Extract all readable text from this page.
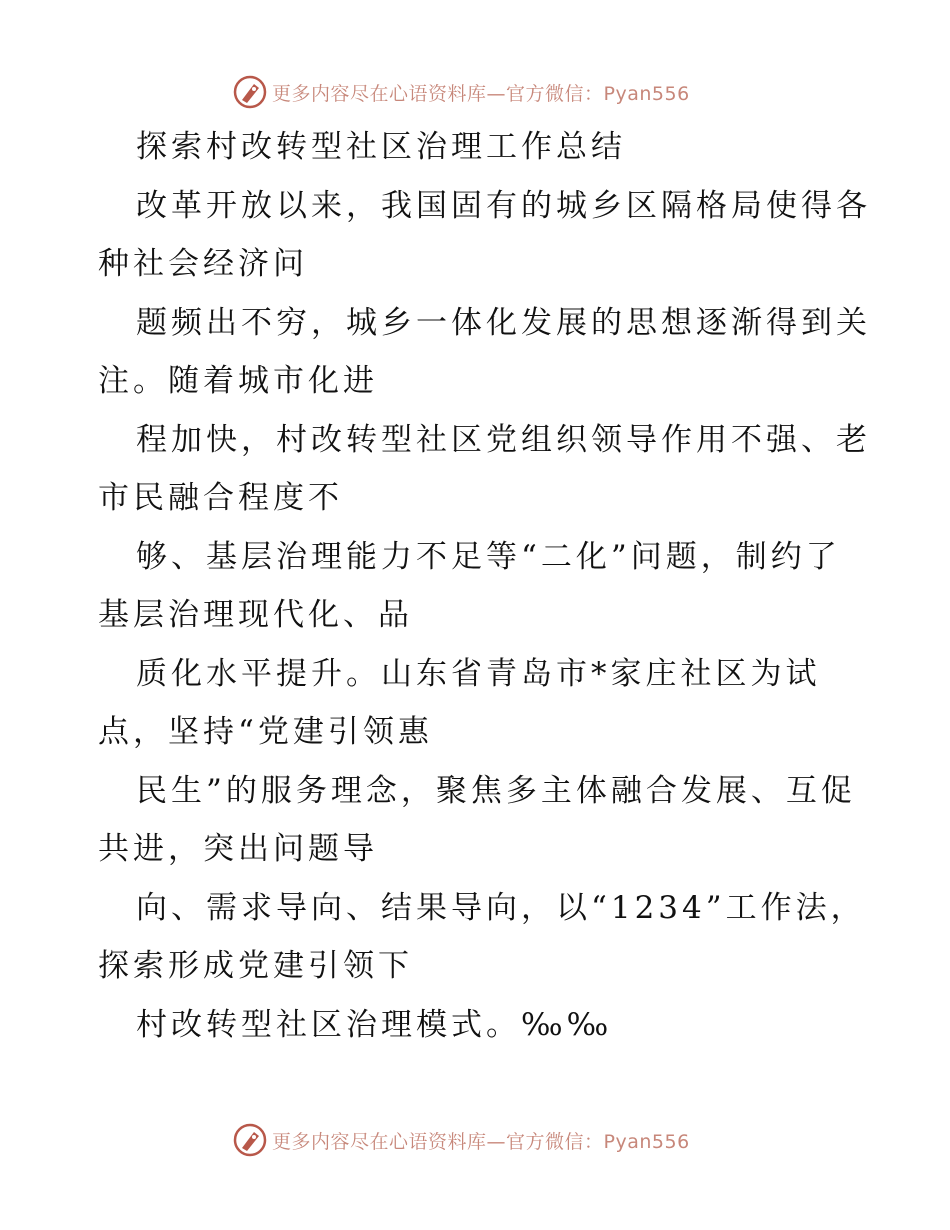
更多内容尽在心语资料库—官方微信：Pyan556
探索村改转型社区治理工作总结
改革开放以来，我国固有的城乡区隔格局使得各
种社会经济问
题频出不穷，城乡一体化发展的思想逐渐得到关
注。随着城市化进
程加快，村改转型社区党组织领导作用不强、老
市民融合程度不
够、基层治理能力不足等“二化”问题，制约了
基层治理现代化、品
质化水平提升。山东省青岛市*家庄社区为试
点，坚持“党建引领惠
民生”的服务理念，聚焦多主体融合发展、互促
共进，突出问题导
向、需求导向、结果导向，以“1234”工作法，
探索形成党建引领下
村改转型社区治理模式。‰‰
更多内容尽在心语资料库—官方微信：Pyan556
